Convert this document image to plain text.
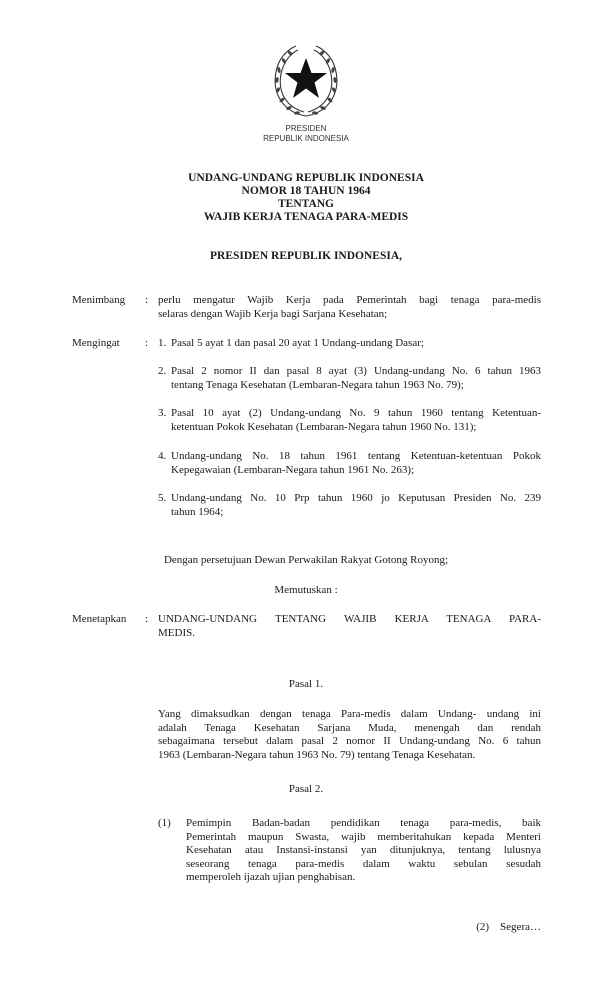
PRESIDEN
REPUBLIK INDONESIA
UNDANG-UNDANG REPUBLIK INDONESIA
NOMOR 18 TAHUN 1964
TENTANG
WAJIB KERJA TENAGA PARA-MEDIS
PRESIDEN REPUBLIK INDONESIA,
Menimbang	: perlu mengatur Wajib Kerja pada Pemerintah bagi tenaga para-medis
selaras dengan Wajib Kerja bagi Sarjana Kesehatan;
Mengingat	: 1. Pasal 5 ayat 1 dan pasal 20 ayat 1 Undang-undang Dasar;
2. Pasal 2 nomor II dan pasal 8 ayat (3) Undang-undang No. 6 tahun 1963
tentang Tenaga Kesehatan (Lembaran-Negara tahun 1963 No. 79);
3. Pasal 10 ayat (2) Undang-undang No. 9 tahun 1960 tentang Ketentuan-
ketentuan Pokok Kesehatan (Lembaran-Negara tahun 1960 No. 131);
4. Undang-undang No. 18 tahun 1961 tentang Ketentuan-ketentuan Pokok
Kepegawaian (Lembaran-Negara tahun 1961 No. 263);
5. Undang-undang No. 10 Prp tahun 1960 jo Keputusan Presiden No. 239
tahun 1964;
Dengan persetujuan Dewan Perwakilan Rakyat Gotong Royong;
Memutuskan :
Menetapkan	: UNDANG-UNDANG TENTANG WAJIB KERJA TENAGA PARA-
MEDIS.
Pasal 1.
Yang dimaksudkan dengan tenaga Para-medis dalam Undang- undang ini
adalah Tenaga Kesehatan Sarjana Muda, menengah dan rendah
sebagaimana tersebut dalam pasal 2 nomor II Undang-undang No. 6 tahun
1963 (Lembaran-Negara tahun 1963 No. 79) tentang Tenaga Kesehatan.
Pasal 2.
(1)	Pemimpin Badan-badan pendidikan tenaga para-medis, baik
Pemerintah maupun Swasta, wajib memberitahukan kepada Menteri
Kesehatan atau Instansi-instansi yan ditunjuknya, tentang lulusnya
seseorang tenaga para-medis dalam waktu sebulan sesudah
memperoleh ijazah ujian penghabisan.
(2)    Segera…
